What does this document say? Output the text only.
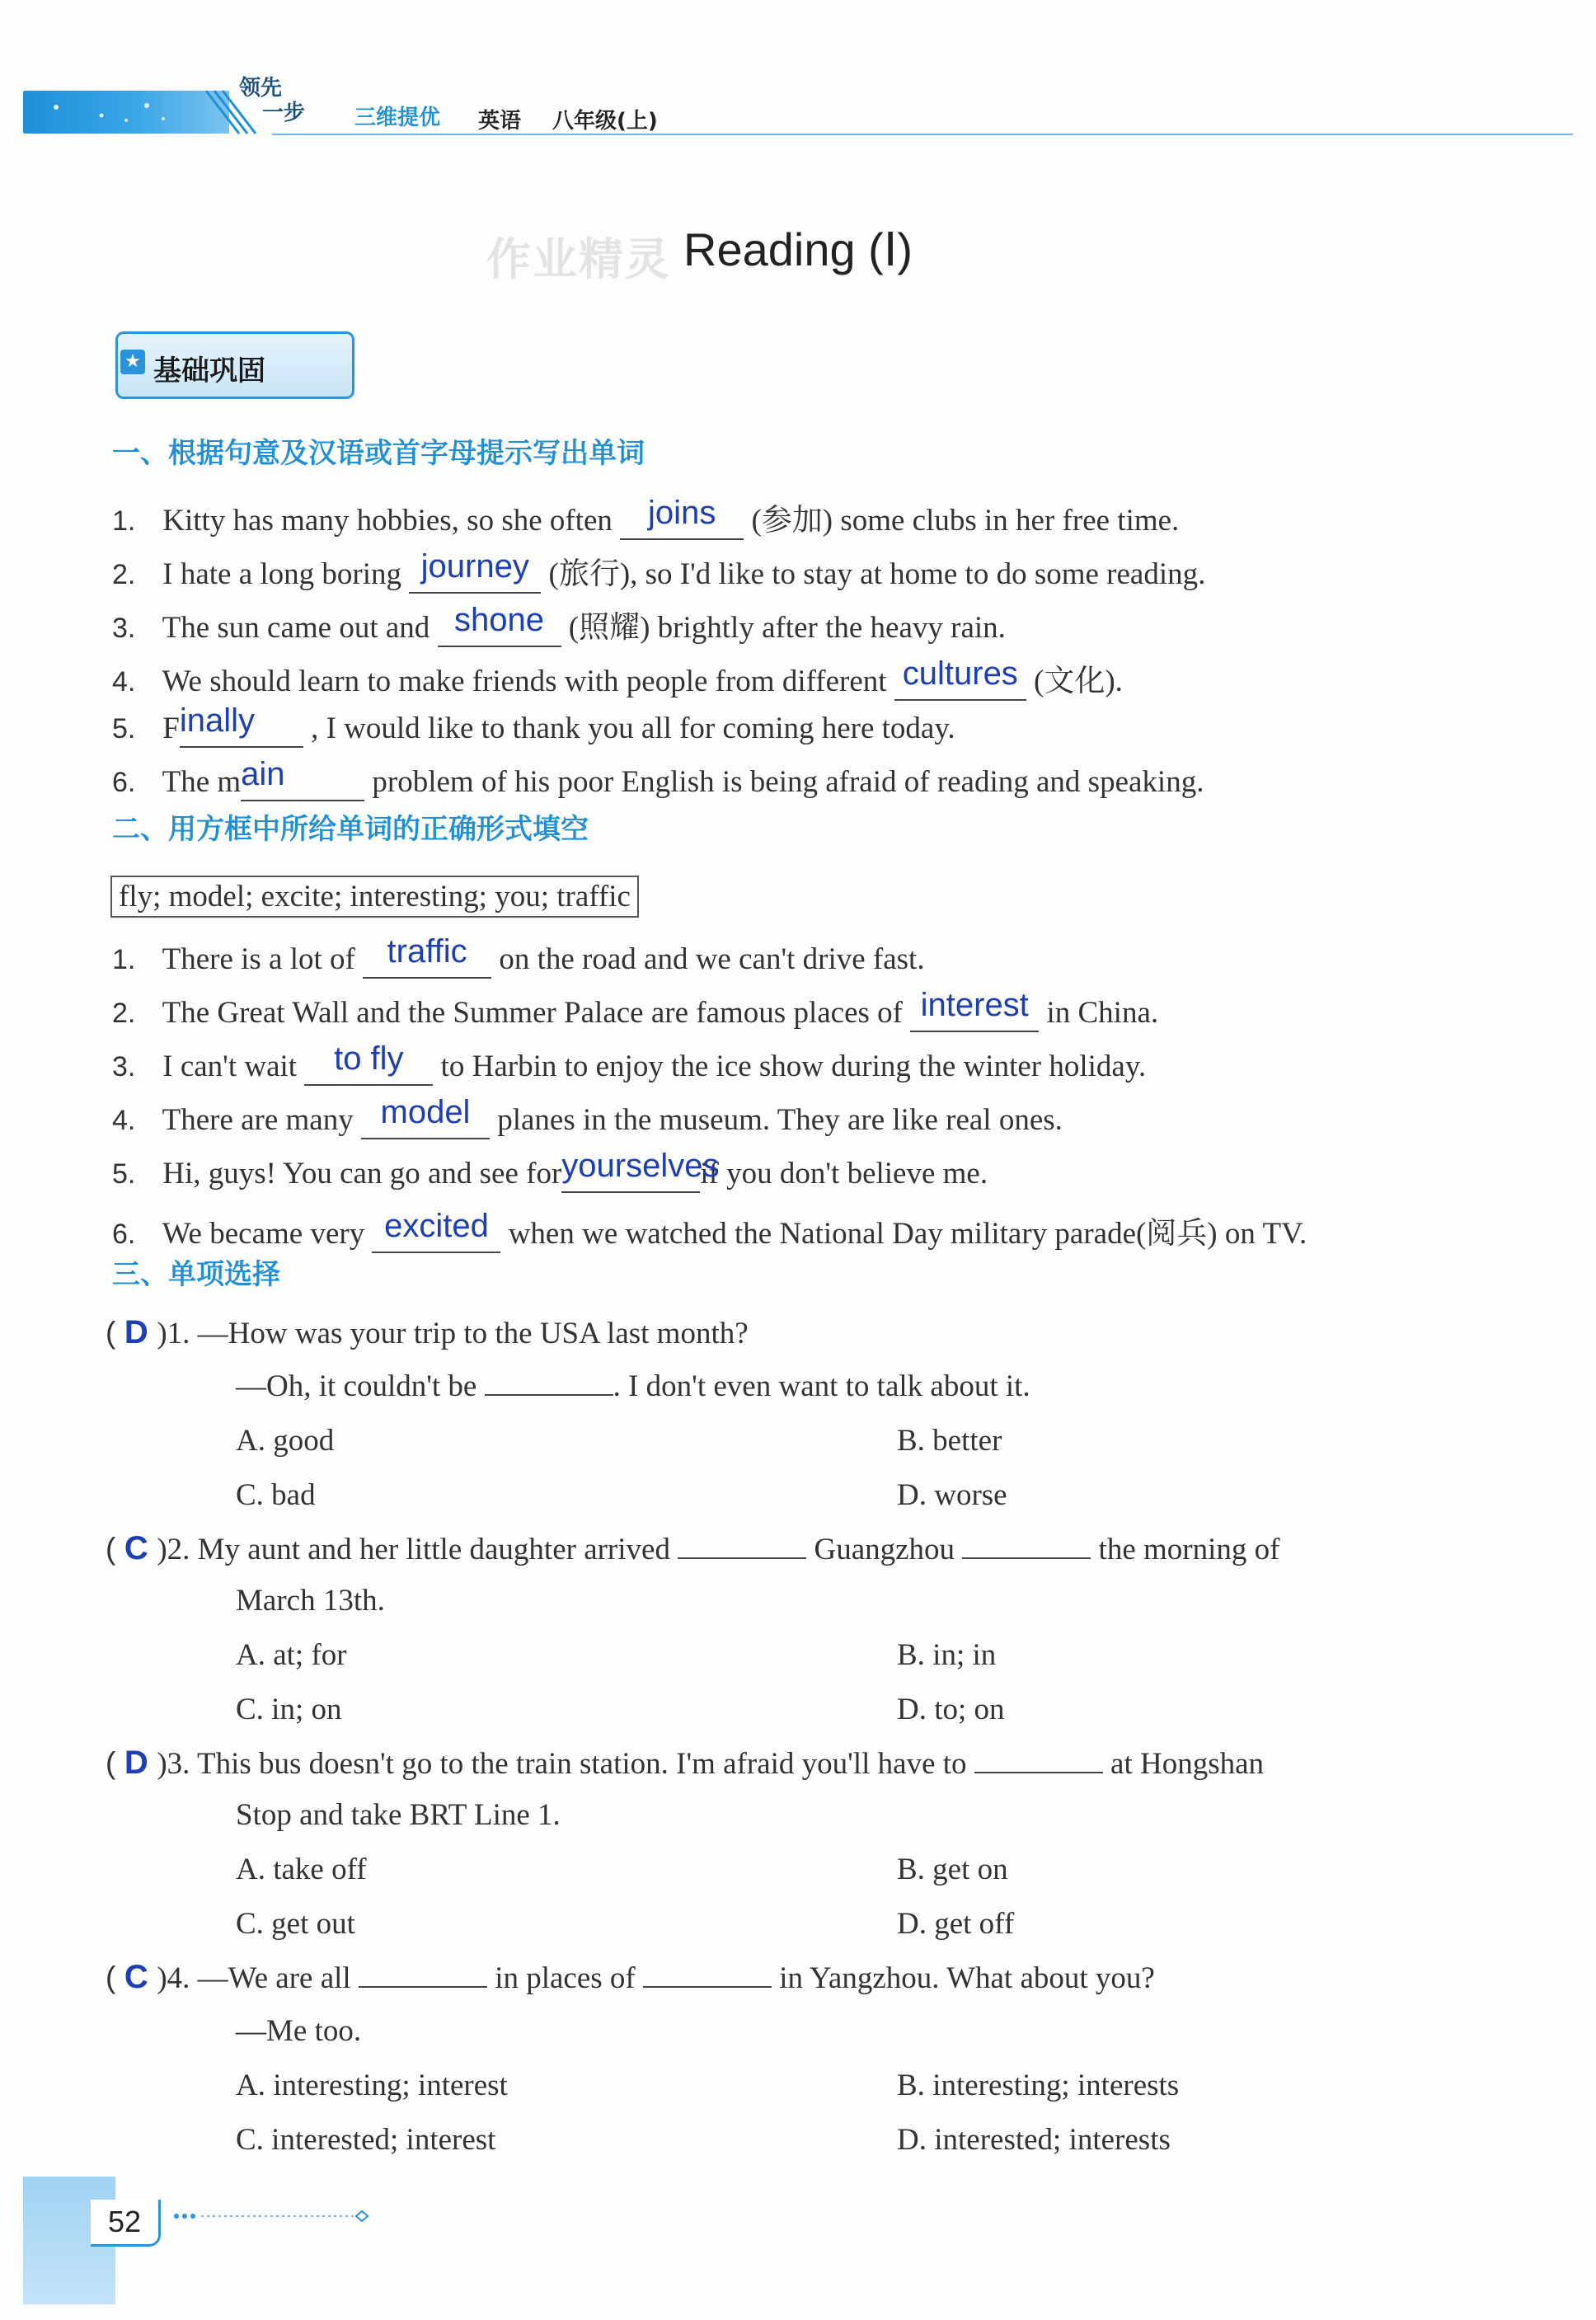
领先
一步 三维提优 英语 八年级(上)
作业精灵 Reading (Ⅰ)
★ 基础巩固
一、根据句意及汉语或首字母提示写出单词
1. Kitty has many hobbies, so she often joins (参加) some clubs in her free time.
2. I hate a long boring journey (旅行), so I'd like to stay at home to do some reading.
3. The sun came out and shone (照耀) brightly after the heavy rain.
4. We should learn to make friends with people from different cultures (文化).
5. Finally , I would like to thank you all for coming here today.
6. The main	problem of his poor English is being afraid of reading and speaking.
二、用方框中所给单词的正确形式填空
fly; model; excite; interesting; you; traffic
1. There is a lot of traffic on the road and we can't drive fast.
2. The Great Wall and the Summer Palace are famous places of interest in China.
3. I can't wait to fly to Harbin to enjoy the ice show during the winter holiday.
4. There are many model planes in the museum. They are like real ones.
5. Hi, guys! You can go and see foryourselvesif you don't believe me.
6. We became very excited when we watched the National Day military parade(阅兵) on TV.
三、单项选择
( D )1. —How was your trip to the USA last month?
—Oh, it couldn't be	. I don't even want to talk about it.
A. good	B. better
C. bad	D. worse
( C )2. My aunt and her little daughter arrived	Guangzhou	the morning of
March 13th.
A. at; for	B. in; in
C. in; on	D. to; on
( D )3. This bus doesn't go to the train station. I'm afraid you'll have to	at Hongshan
Stop and take BRT Line 1.
A. take off	B. get on
C. get out	D. get off
( C )4. —We are all	in places of	in Yangzhou. What about you?
—Me too.
A. interesting; interest	B. interesting; interests
C. interested; interest	D. interested; interests
52
